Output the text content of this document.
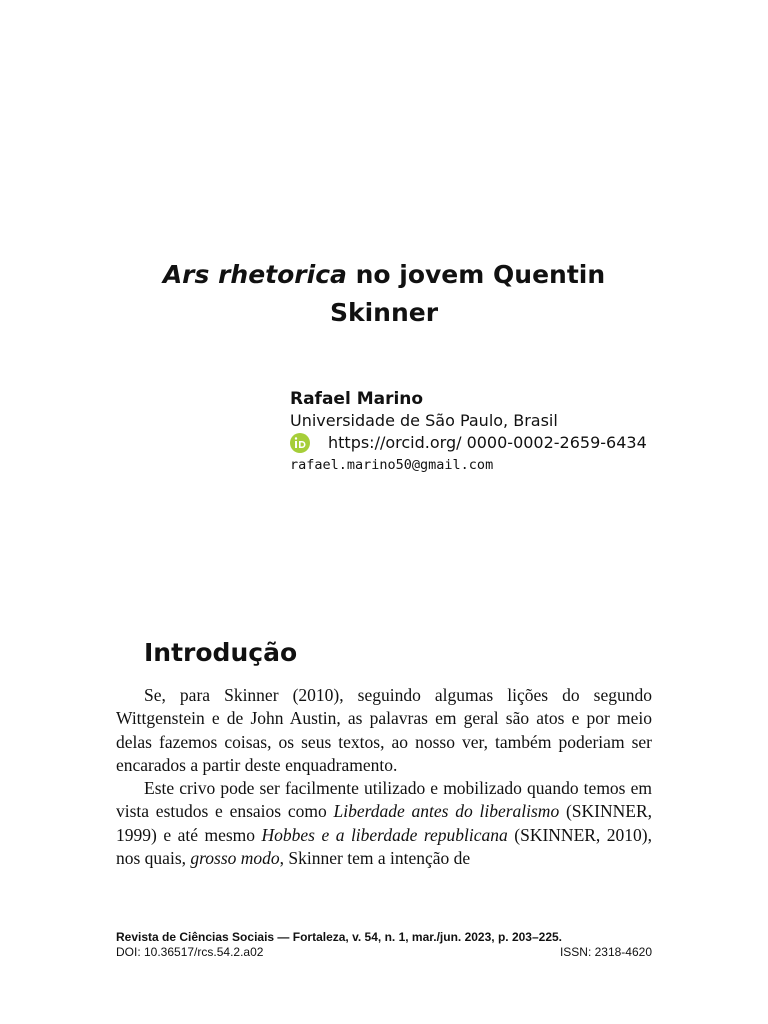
Ars rhetorica no jovem Quentin Skinner
Rafael Marino
Universidade de São Paulo, Brasil
https://orcid.org/ 0000-0002-2659-6434
rafael.marino50@gmail.com
Introdução

Se, para Skinner (2010), seguindo algumas lições do segundo Wittgenstein e de John Austin, as palavras em geral são atos e por meio delas fazemos coisas, os seus textos, ao nosso ver, também poderiam ser encarados a partir deste enquadramento.

Este crivo pode ser facilmente utilizado e mobilizado quando temos em vista estudos e ensaios como Liberdade antes do liberalismo (SKINNER, 1999) e até mesmo Hobbes e a liberdade republicana (SKINNER, 2010), nos quais, grosso modo, Skinner tem a intenção de

Revista de Ciências Sociais — Fortaleza, v. 54, n. 1, mar./jun. 2023, p. 203–225.
DOI: 10.36517/rcs.54.2.a02	ISSN: 2318-4620
